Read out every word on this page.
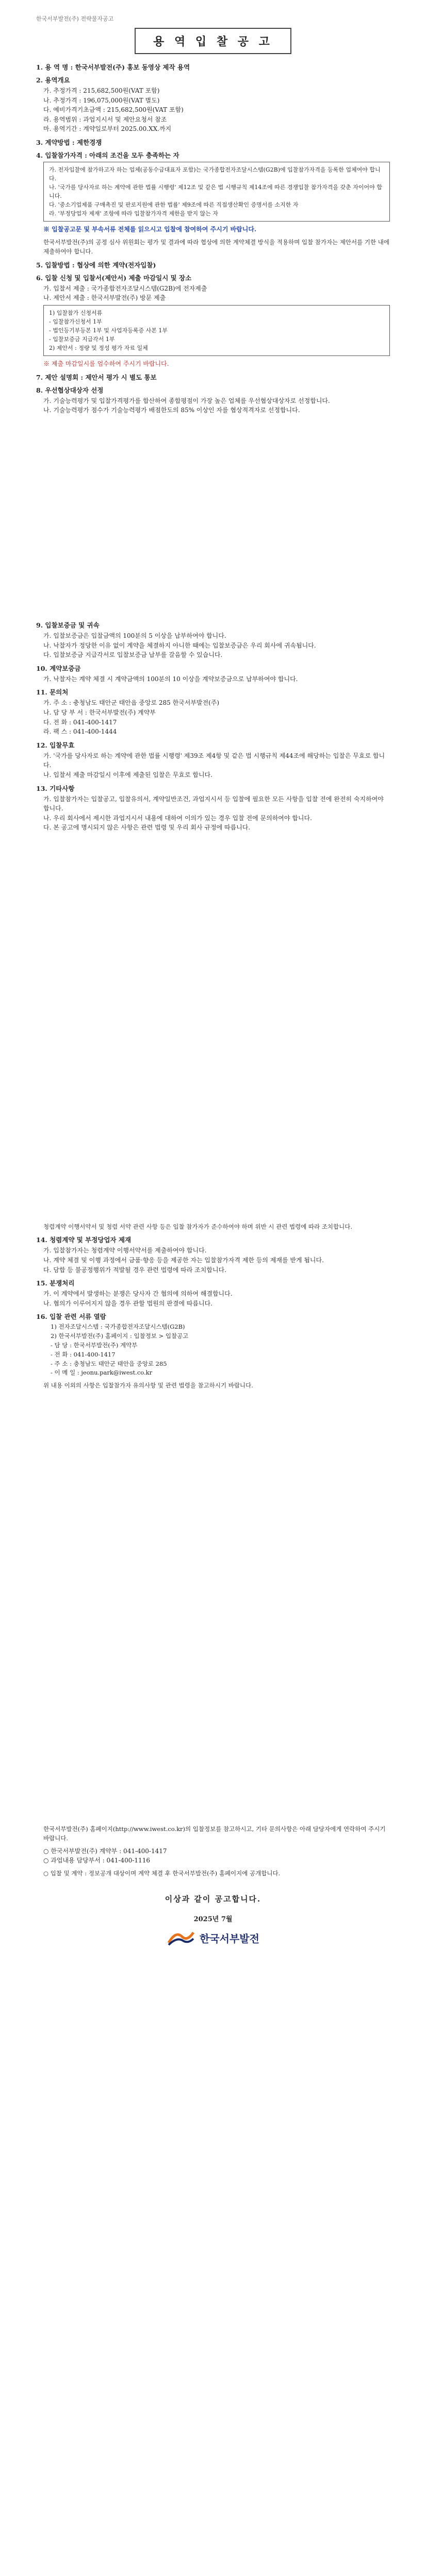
한국서부발전(주) 전략물자공고
용 역 입 찰 공 고
1. 용 역 명 : 한국서부발전(주) 홍보 동영상 제작 용역
2. 용역개요
가. 추정가격 : 215,682,500원(VAT 포함)
나. 추정가격 : 196,075,000원(VAT 별도)
다. 예비가격기초금액 : 215,682,500원(VAT 포함)
라. 용역범위 : 과업지시서 및 제안요청서 참조
마. 용역기간 : 계약일로부터 2025.00.XX.까지
3. 계약방법 : 제한경쟁
4. 입찰참가자격 : 아래의 조건을 모두 충족하는 자
가. 전자입찰에 참가하고자 하는 업체(공동수급대표자 포함)는 국가종합전자조달시스템(G2B)에 입찰참가자격을 등록한 업체여야 합니다.
나. '국가를 당사자로 하는 계약에 관한 법률 시행령' 제12조 및 같은 법 시행규칙 제14조에 따른 경쟁입찰 참가자격을 갖춘 자이어야 합니다.
다. '중소기업제품 구매촉진 및 판로지원에 관한 법률' 제9조에 따른 직접생산확인 증명서를 소지한 자
라. '부정당업자 제재' 조항에 따라 입찰참가자격 제한을 받지 않는 자
※ 입찰공고문 및 부속서류 전체를 읽으시고 입찰에 참여하여 주시기 바랍니다.
한국서부발전(주)의 공정 심사 위원회는 평가 및 결과에 따라 협상에 의한 계약체결 방식을 적용하며 입찰 참가자는 제안서를 기한 내에 제출하여야 합니다.
5. 입찰방법 : 협상에 의한 계약(전자입찰)
6. 입찰 신청 및 입찰서(제안서) 제출 마감일시 및 장소
가. 입찰서 제출 : 국가종합전자조달시스템(G2B)에 전자제출
나. 제안서 제출 : 한국서부발전(주) 방문 제출
1) 입찰참가 신청서류
- 입찰참가신청서 1부
- 법인등기부등본 1부 및 사업자등록증 사본 1부
- 입찰보증금 지급각서 1부
2) 제안서 : 정량 및 정성 평가 자료 일체
※ 제출 마감일시를 엄수하여 주시기 바랍니다.
7. 제안 설명회 : 제안서 평가 시 별도 통보
8. 우선협상대상자 선정
가. 기술능력평가 및 입찰가격평가를 합산하여 종합평점이 가장 높은 업체를 우선협상대상자로 선정합니다.
나. 기술능력평가 점수가 기술능력평가 배점한도의 85% 이상인 자를 협상적격자로 선정합니다.
9. 입찰보증금 및 귀속
가. 입찰보증금은 입찰금액의 100분의 5 이상을 납부하여야 합니다.
나. 낙찰자가 정당한 이유 없이 계약을 체결하지 아니한 때에는 입찰보증금은 우리 회사에 귀속됩니다.
다. 입찰보증금 지급각서로 입찰보증금 납부를 갈음할 수 있습니다.
10. 계약보증금
가. 낙찰자는 계약 체결 시 계약금액의 100분의 10 이상을 계약보증금으로 납부하여야 합니다.
11. 문의처
가. 주 소 : 충청남도 태안군 태안읍 중앙로 285 한국서부발전(주)
나. 담 당 부 서 : 한국서부발전(주) 계약부
다. 전 화 : 041-400-1417
라. 팩 스 : 041-400-1444
12. 입찰무효
가. '국가를 당사자로 하는 계약에 관한 법률 시행령' 제39조 제4항 및 같은 법 시행규칙 제44조에 해당하는 입찰은 무효로 합니다.
나. 입찰서 제출 마감일시 이후에 제출된 입찰은 무효로 합니다.
13. 기타사항
가. 입찰참가자는 입찰공고, 입찰유의서, 계약일반조건, 과업지시서 등 입찰에 필요한 모든 사항을 입찰 전에 완전히 숙지하여야 합니다.
나. 우리 회사에서 제시한 과업지시서 내용에 대하여 이의가 있는 경우 입찰 전에 문의하여야 합니다.
다. 본 공고에 명시되지 않은 사항은 관련 법령 및 우리 회사 규정에 따릅니다.
청렴계약 이행서약서 및 청렴 서약 관련 사항 등은 입찰 참가자가 준수하여야 하며 위반 시 관련 법령에 따라 조치합니다.
14. 청렴계약 및 부정당업자 제재
가. 입찰참가자는 청렴계약 이행서약서를 제출하여야 합니다.
나. 계약 체결 및 이행 과정에서 금품·향응 등을 제공한 자는 입찰참가자격 제한 등의 제재를 받게 됩니다.
다. 담합 등 불공정행위가 적발될 경우 관련 법령에 따라 조치합니다.
15. 분쟁처리
가. 이 계약에서 발생하는 분쟁은 당사자 간 협의에 의하여 해결합니다.
나. 협의가 이루어지지 않을 경우 관할 법원의 판결에 따릅니다.
16. 입찰 관련 서류 열람
1) 전자조달시스템 : 국가종합전자조달시스템(G2B)
2) 한국서부발전(주) 홈페이지 : 입찰정보 > 입찰공고
- 담 당 : 한국서부발전(주) 계약부
- 전 화 : 041-400-1417
- 주 소 : 충청남도 태안군 태안읍 중앙로 285
- 이 메 일 : jeonu.park@iwest.co.kr
위 내용 이외의 사항은 입찰참가자 유의사항 및 관련 법령을 참고하시기 바랍니다.
한국서부발전(주) 홈페이지(http://www.iwest.co.kr)의 입찰정보를 참고하시고, 기타 문의사항은 아래 담당자에게 연락하여 주시기 바랍니다.
○ 한국서부발전(주) 계약부 : 041-400-1417
○ 과업내용 담당부서 : 041-400-1116
○ 입찰 및 계약 : 정보공개 대상이며 계약 체결 후 한국서부발전(주) 홈페이지에 공개합니다.
이상과 같이 공고합니다.
2025년 7월
한국서부발전
